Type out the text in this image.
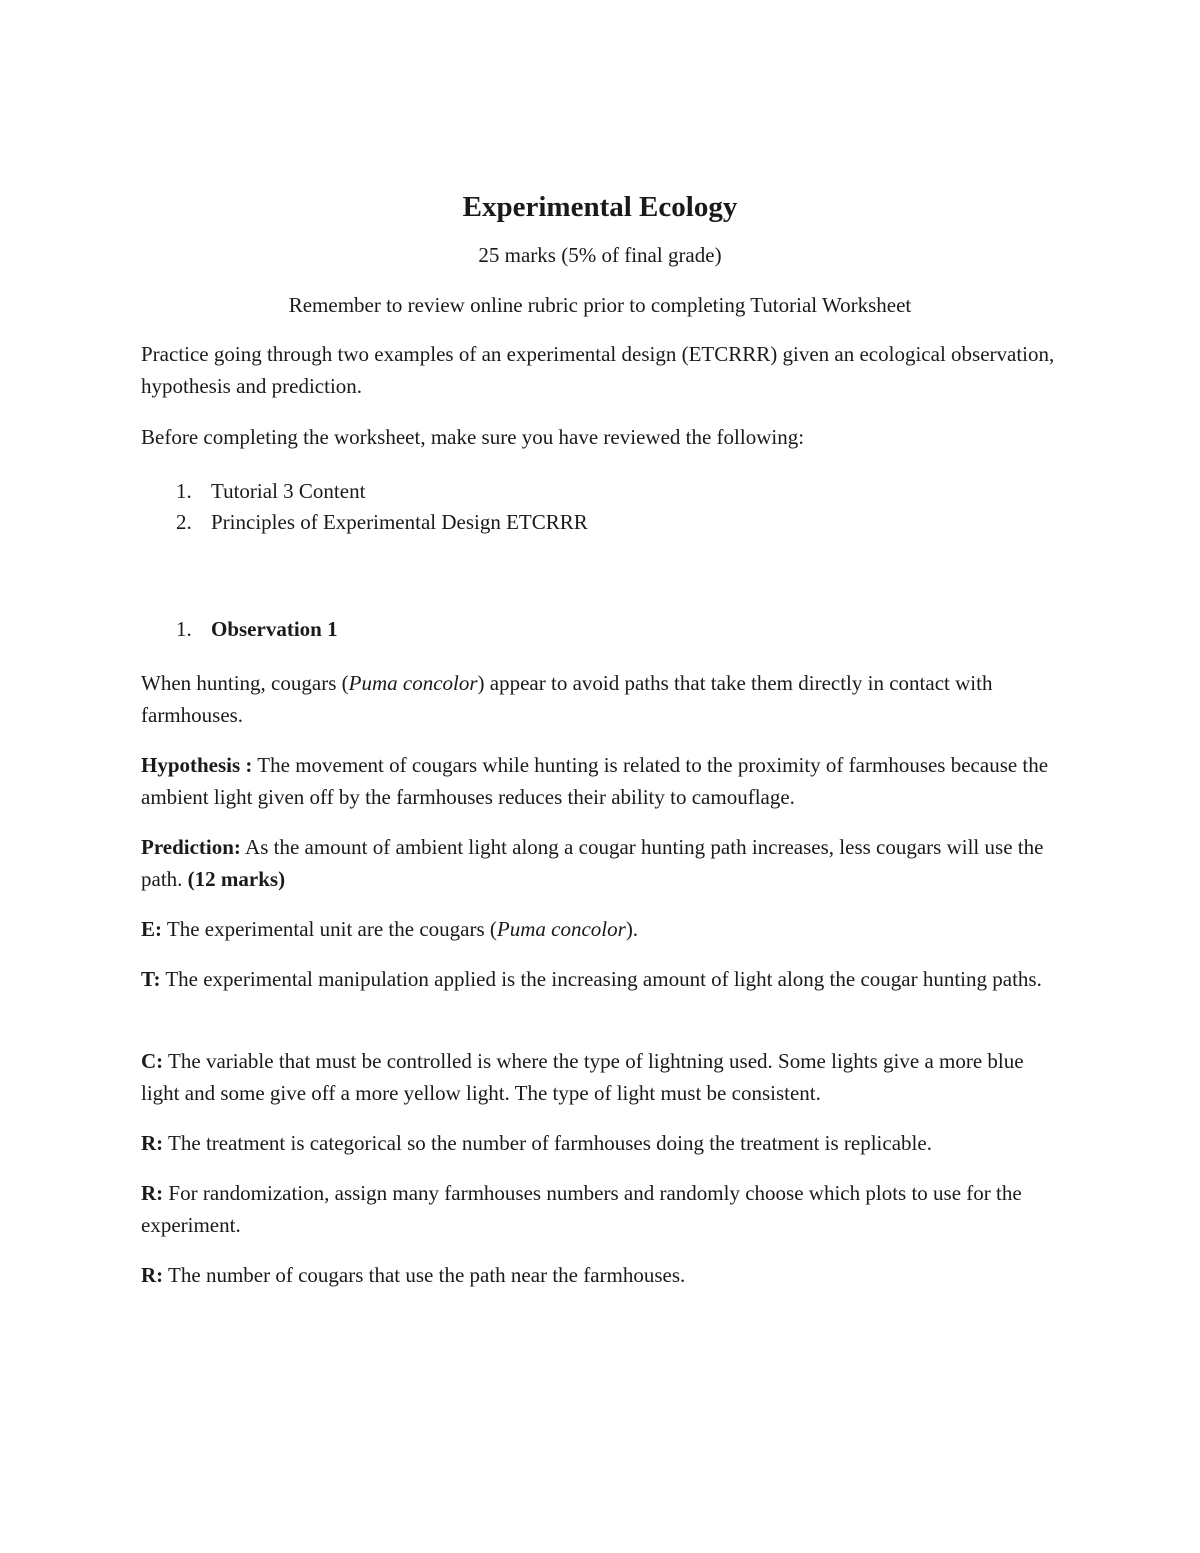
Experimental Ecology
25 marks (5% of final grade)
Remember to review online rubric prior to completing Tutorial Worksheet
Practice going through two examples of an experimental design (ETCRRR) given an ecological observation, hypothesis and prediction.
Before completing the worksheet, make sure you have reviewed the following:
1. Tutorial 3 Content
2. Principles of Experimental Design ETCRRR
1. Observation 1
When hunting, cougars (Puma concolor) appear to avoid paths that take them directly in contact with farmhouses.
Hypothesis : The movement of cougars while hunting is related to the proximity of farmhouses because the ambient light given off by the farmhouses reduces their ability to camouflage.
Prediction: As the amount of ambient light along a cougar hunting path increases, less cougars will use the path. (12 marks)
E: The experimental unit are the cougars (Puma concolor).
T: The experimental manipulation applied is the increasing amount of light along the cougar hunting paths.
C: The variable that must be controlled is where the type of lightning used. Some lights give a more blue light and some give off a more yellow light. The type of light must be consistent.
R: The treatment is categorical so the number of farmhouses doing the treatment is replicable.
R: For randomization, assign many farmhouses numbers and randomly choose which plots to use for the experiment.
R: The number of cougars that use the path near the farmhouses.
